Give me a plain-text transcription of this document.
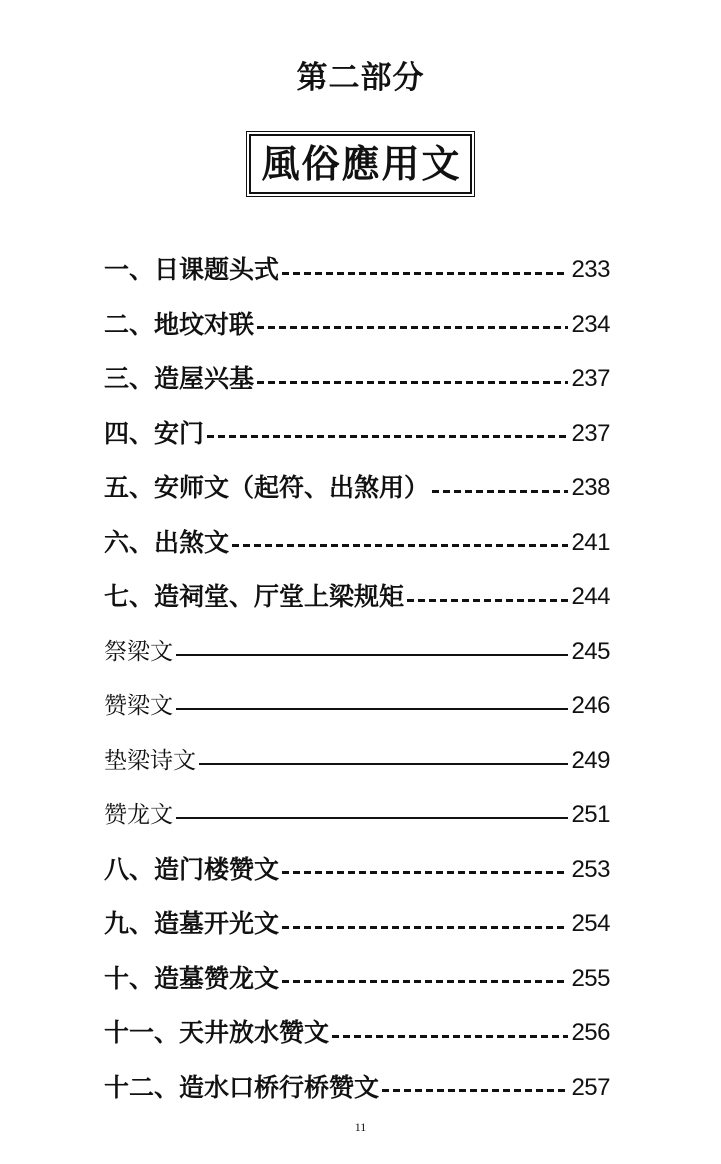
第二部分
風俗應用文
一、日课题头式	233
二、地坟对联	234
三、造屋兴基	237
四、安门	237
五、安师文（起符、出煞用）	238
六、出煞文	241
七、造祠堂、厅堂上梁规矩	244
祭梁文	245
赞梁文	246
垫梁诗文	249
赞龙文	251
八、造门楼赞文	253
九、造墓开光文	254
十、造墓赞龙文	255
十一、天井放水赞文	256
十二、造水口桥行桥赞文	257
11
